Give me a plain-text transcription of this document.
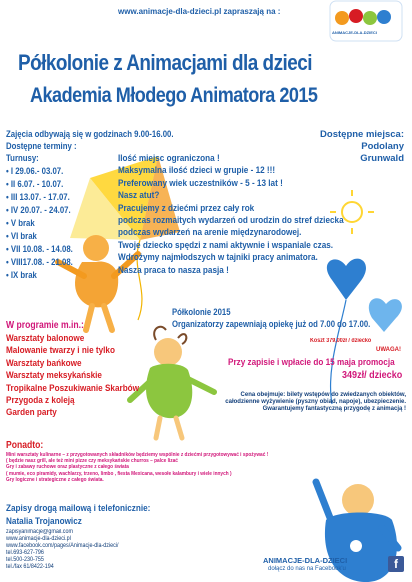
www.animacje-dla-dzieci.pl zapraszają na :
ANIMACJE-DLA-DZIECI
Półkolonie z Animacjami dla dzieci
Akademia Młodego Animatora 2015
Zajęcia odbywają się w godzinach 9.00-16.00.
Dostępne terminy :
Turnusy:
• I 29.06.- 03.07.
• II 6.07. - 10.07.
• III 13.07. - 17.07.
• IV 20.07. - 24.07.
• V brak
• VI brak
• VII 10.08. - 14.08.
• VIII17.08. - 21.08.
• IX brak
Dostępne miejsca:
Podolany
Grunwald
Ilość miejsc ograniczona !
Maksymalna ilość dzieci w grupie - 12 !!!
Preferowany wiek uczestników - 5 - 13 lat !
Nasz atut?
Pracujemy z dziećmi przez cały rok
podczas rozmaitych wydarzeń od urodzin do stref dziecka
podczas wydarzeń na arenie międzynarodowej.
Twoje dziecko spędzi z nami aktywnie i wspaniale czas.
Wdrożymy najmłodszych w tajniki pracy animatora.
Nasza praca to nasza pasja !
Półkolonie 2015
Organizatorzy zapewniają opiekę już od 7.00 do 17.00.
Koszt 379,00zł / dziecko
UWAGA!
Przy zapisie i wpłacie do 15 maja promocja
349zł/ dziecko
Cena obejmuje: bilety wstępów do zwiedzanych obiektów,
całodzienne wyżywienie (pyszny obiad, napoje), ubezpieczenie.
Gwarantujemy fantastyczną przygodę z animacją !
W programie m.in.:
Warsztaty balonowe
Malowanie twarzy i nie tylko
Warsztaty bańkowe
Warsztaty meksykańskie
Tropikalne Poszukiwanie Skarbów
Przygoda z koleją
Garden party
Ponadto:
Mini warsztaty kulinarne – z przygotowanych składników będziemy wspólnie z dziećmi przygotowywać i spożywać !
( będzie nasz grill, ale też mini pizze czy meksykańskie churros – palce lizać
Gry i zabawy ruchowe oraz plastyczne z całego świata
( mumie, eco piramidy, wachlarzy, trzeno, limbo , fiesta Mexicana, wesołe kalambury i wiele innych )
Gry logiczne i strategiczne z całego świata.
Zapisy drogą mailową i telefonicznie:
Natalia Trojanowicz
zapisyanimacje@gmail.com
www.animacje-dla-dzieci.pl
www.facebook.com/pages/Animacje-dla-dzieci/
tel.693-627-796
tel.500-230-755
tel./fax 61/8422-194
ANIMACJE-DLA-DZIECI
dołącz do nas na Facebook'u	f
